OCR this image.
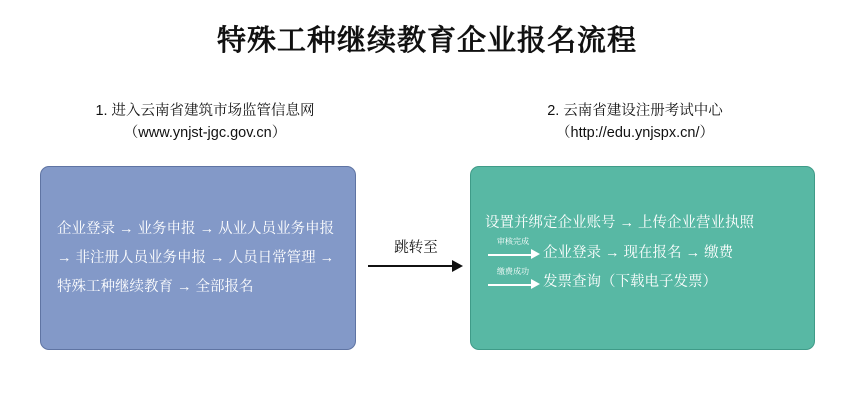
特殊工种继续教育企业报名流程
1. 进入云南省建筑市场监管信息网
（www.ynjst-jgc.gov.cn）
2. 云南省建设注册考试中心
（http://edu.ynjspx.cn/）
企业登录 → 业务申报 → 从业人员业务申报
→ 非注册人员业务申报 → 人员日常管理 →
特殊工种继续教育 → 全部报名
跳转至
设置并绑定企业账号 → 上传企业营业执照
审核完成
企业登录 → 现在报名 → 缴费
缴费成功
发票查询（下载电子发票）
